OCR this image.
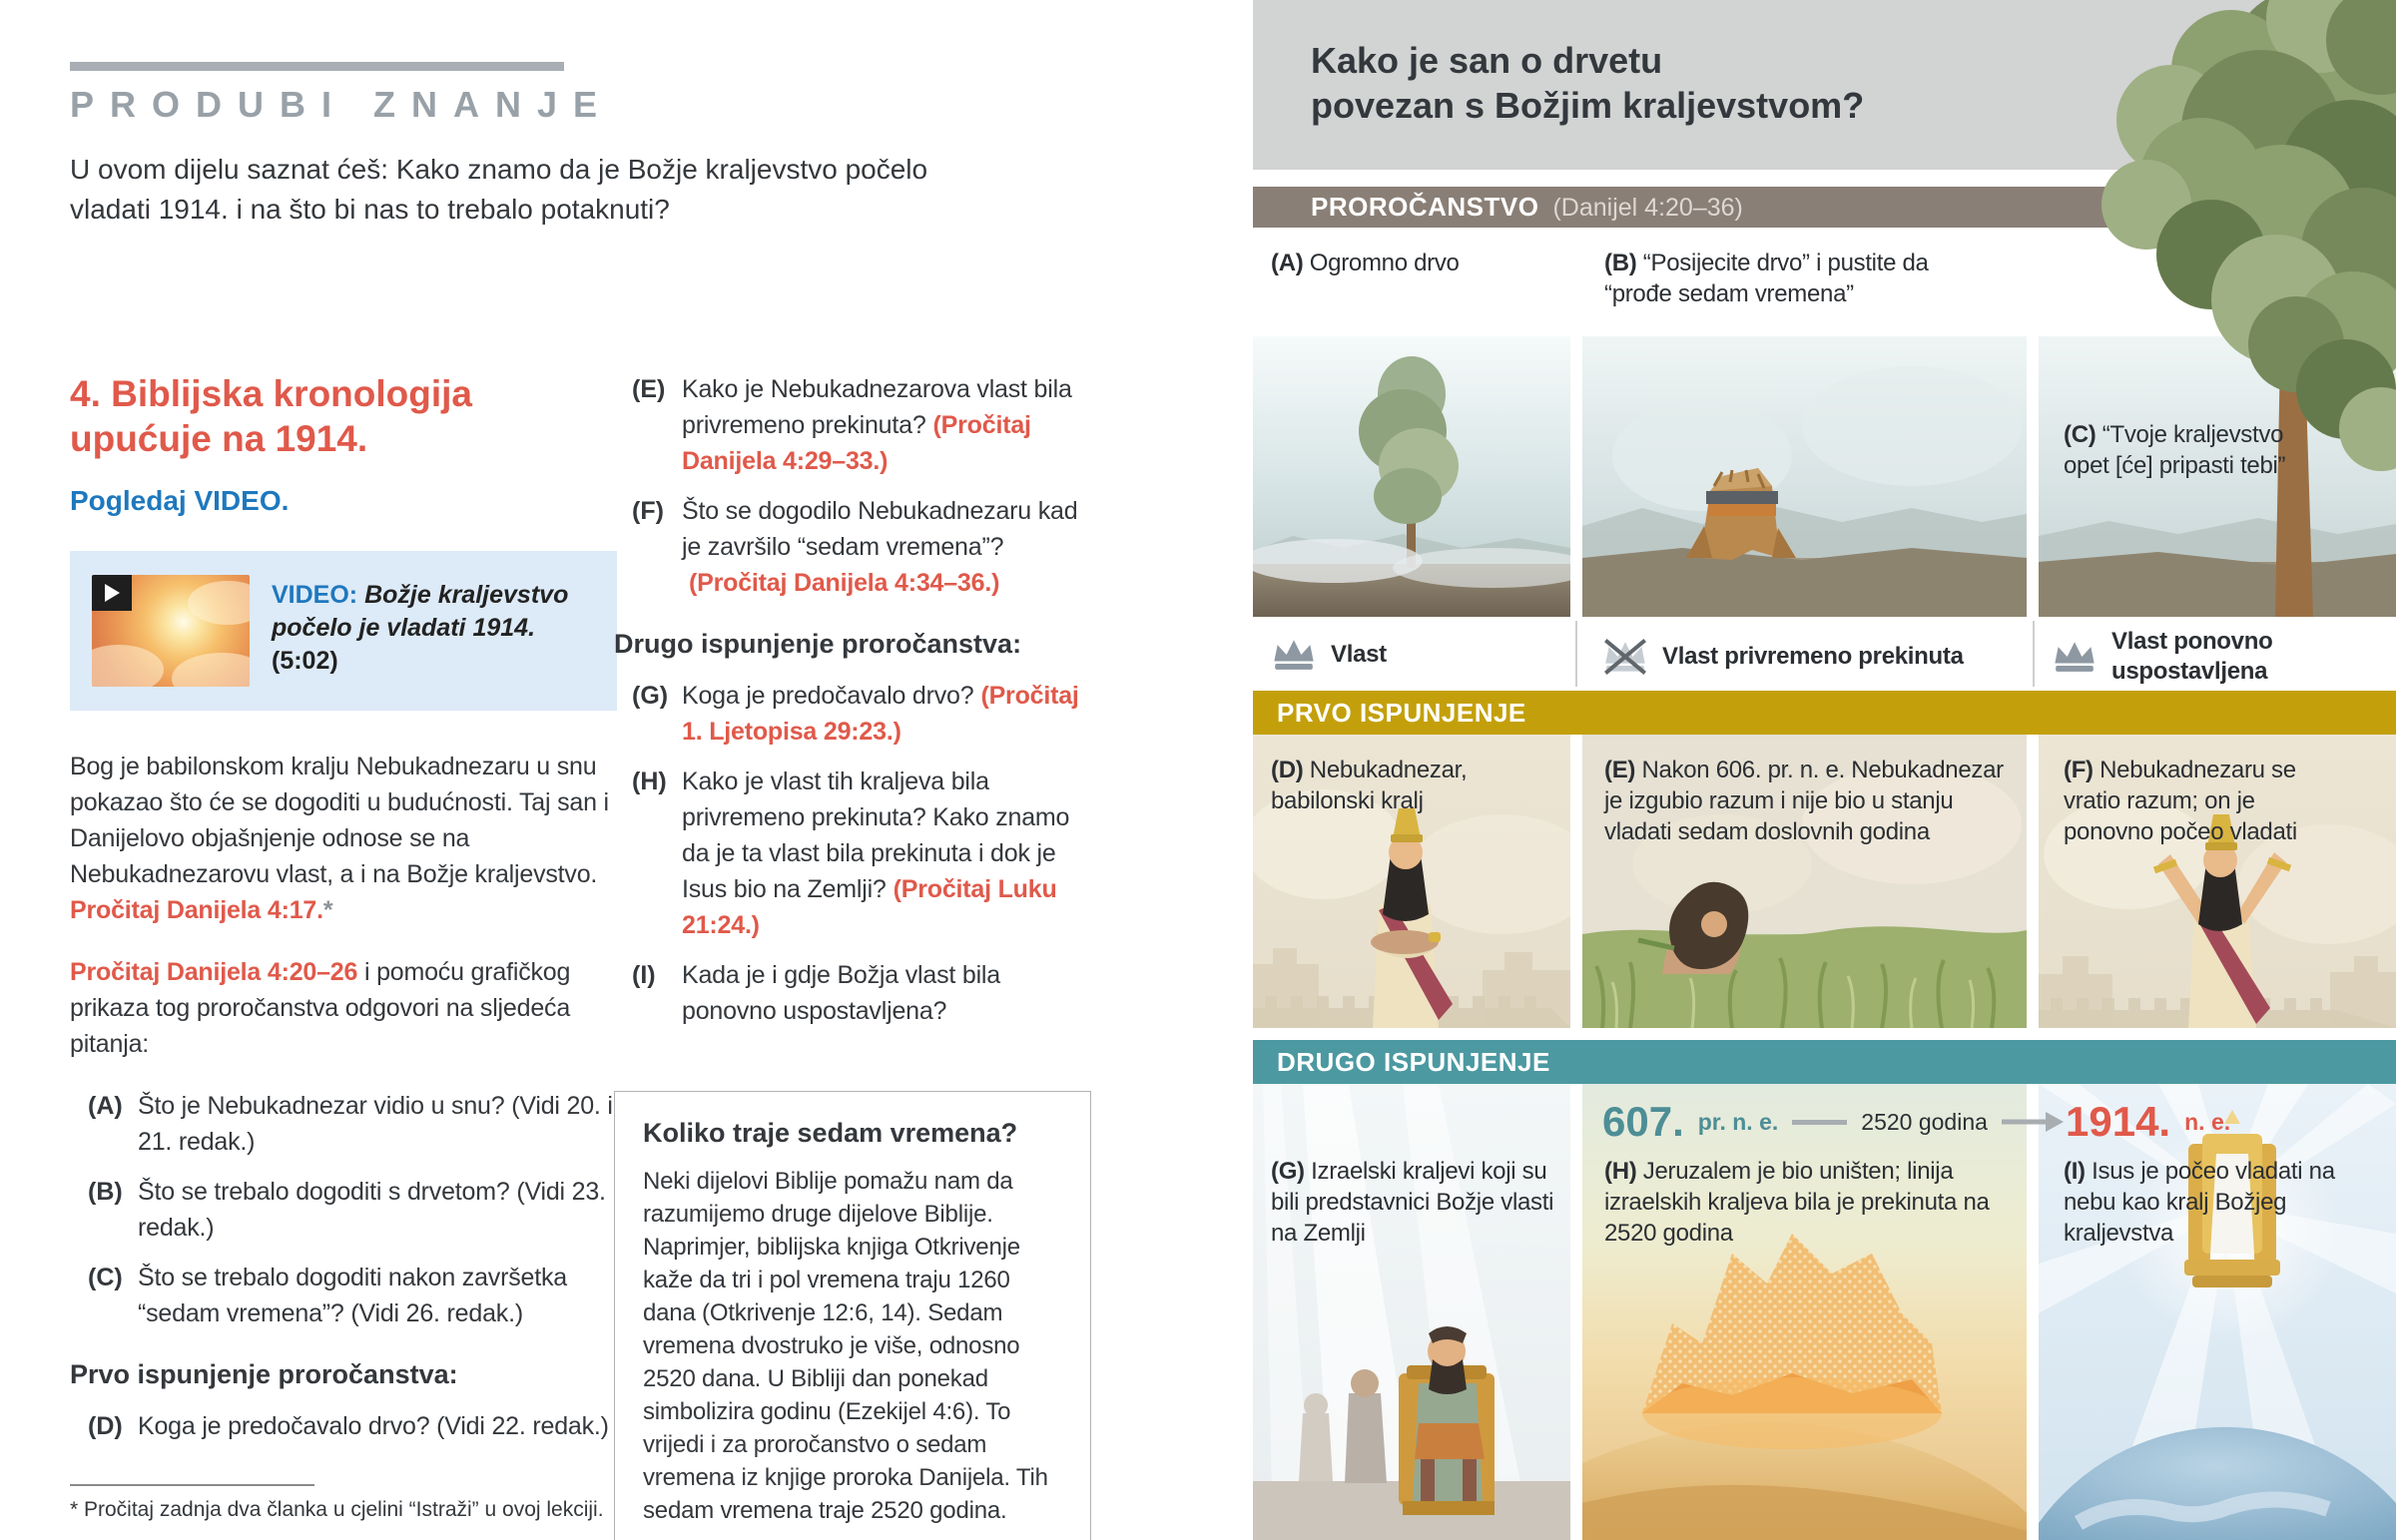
PRODUBI ZNANJE
U ovom dijelu saznat ćeš: Kako znamo da je Božje kraljevstvo počelo vladati 1914. i na što bi nas to trebalo potaknuti?
4. Biblijska kronologija upućuje na 1914.
Pogledaj VIDEO.
VIDEO: Božje kraljevstvo počelo je vladati 1914. (5:02)

Bog je babilonskom kralju Nebukadnezaru u snu pokazao što će se dogoditi u budućnosti. Taj san i Danijelovo objašnjenje odnose se na Nebukadnezarovu vlast, a i na Božje kraljevstvo. Pročitaj Danijela 4:17.*

Pročitaj Danijela 4:20–26 i pomoću grafičkog prikaza tog proročanstva odgovori na sljedeća pitanja:

(A) Što je Nebukadnezar vidio u snu? (Vidi 20. i 21. redak.)
(B) Što se trebalo dogoditi s drvetom? (Vidi 23. redak.)
(C) Što se trebalo dogoditi nakon završetka “sedam vremena”? (Vidi 26. redak.)
Prvo ispunjenje proročanstva:
(D) Koga je predočavalo drvo? (Vidi 22. redak.)
* Pročitaj zadnja dva članka u cjelini “Istraži” u ovoj lekciji.
(E) Kako je Nebukadnezarova vlast bila privremeno prekinuta? (Pročitaj Danijela 4:29–33.)
(F) Što se dogodilo Nebukadnezaru kad je završilo “sedam vremena”?(Pročitaj Danijela 4:34–36.)
Drugo ispunjenje proročanstva:
(G) Koga je predočavalo drvo? (Pročitaj 1. Ljetopisa 29:23.)
(H) Kako je vlast tih kraljeva bila privremeno prekinuta? Kako znamo da je ta vlast bila prekinuta i dok je Isus bio na Zemlji? (Pročitaj Luku 21:24.)
(I)	Kada je i gdje Božja vlast bila ponovno uspostavljena?
Koliko traje sedam vremena?

Neki dijelovi Biblije pomažu nam da razumijemo druge dijelove Biblije. Naprimjer, biblijska knjiga Otkrivenje kaže da tri i pol vremena traju 1260 dana (Otkrivenje 12:6, 14). Sedam vremena dvostruko je više, odnosno 2520 dana. U Bibliji dan ponekad simbolizira godinu (Ezekijel 4:6). To vrijedi i za proročanstvo o sedam vremena iz knjige proroka Danijela. Tih sedam vremena traje 2520 godina.

Kako je san o drvetu
povezan s Božjim kraljevstvom?
PROROČANSTVO (Danijel 4:20–36)
(A) Ogromno drvo	(B) “Posijecite drvo” i pustite da “prođe sedam vremena”
(C) “Tvoje kraljevstvo opet [će] pripasti tebi”
Vlast	Vlast privremeno prekinuta
Vlast ponovno uspostavljena
PRVO ISPUNJENJE
(D) Nebukadnezar, babilonski kralj
(E) Nakon 606. pr. n. e. Nebukadnezar je izgubio razum i nije bio u stanju vladati sedam doslovnih godina
(F) Nebukadnezaru se vratio razum; on je ponovno počeo vladati
DRUGO ISPUNJENJE
607. pr. n. e.	2520 godina 1914. n. e.
(G) Izraelski kraljevi koji su bili predstavnici Božje vlasti na Zemlji
(H) Jeruzalem je bio uništen; linija izraelskih kraljeva bila je prekinuta na 2520 godina
(I) Isus je počeo vladati na nebu kao kralj Božjeg kraljevstva
